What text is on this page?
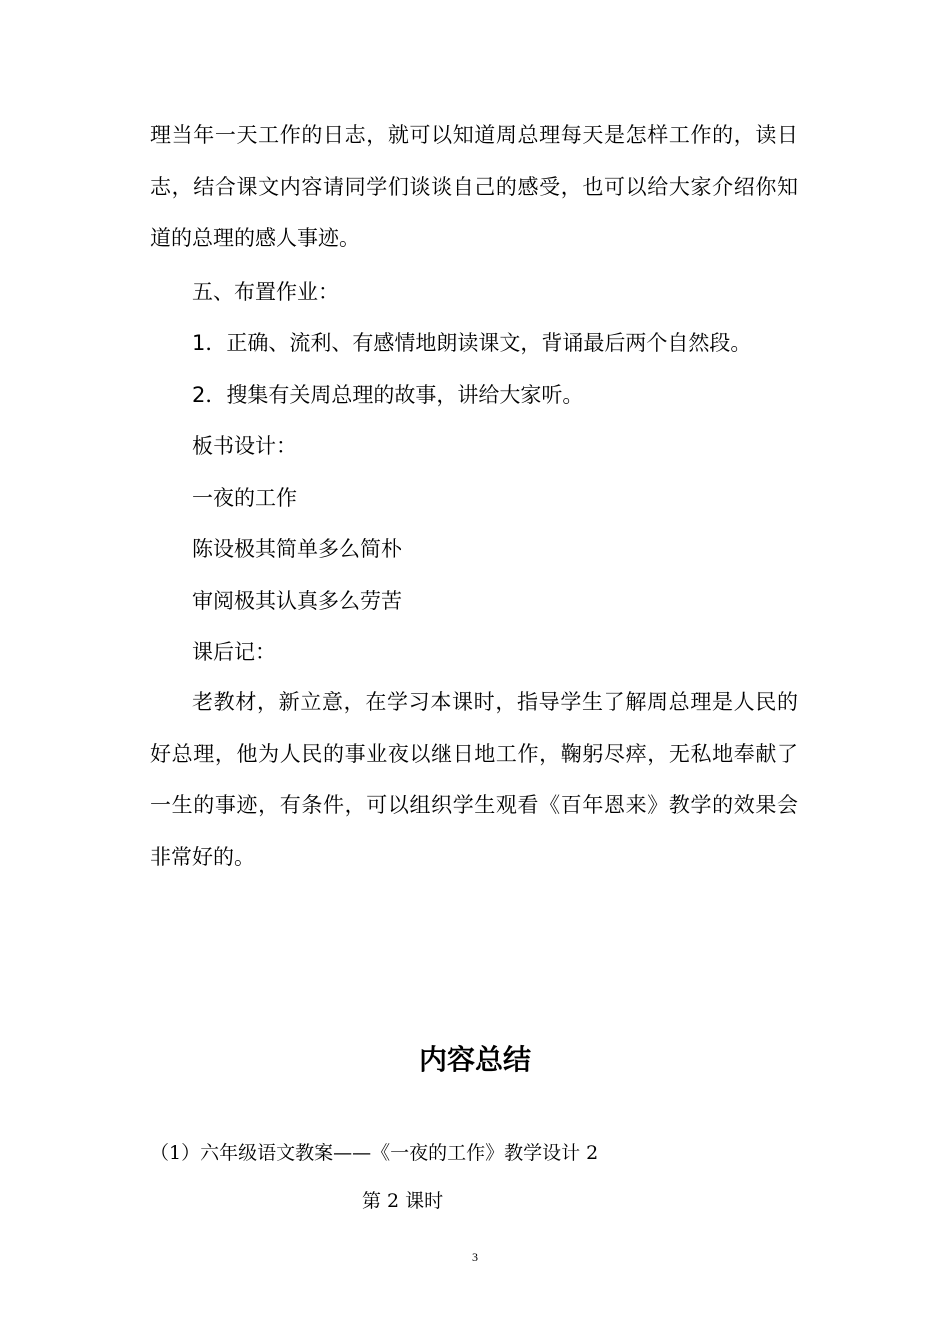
理当年一天工作的日志，就可以知道周总理每天是怎样工作的，读日志，结合课文内容请同学们谈谈自己的感受，也可以给大家介绍你知道的总理的感人事迹。

五、布置作业：

1．正确、流利、有感情地朗读课文，背诵最后两个自然段。

2．搜集有关周总理的故事，讲给大家听。

板书设计：

一夜的工作

陈设极其简单多么简朴

审阅极其认真多么劳苦

课后记：

老教材，新立意，在学习本课时，指导学生了解周总理是人民的好总理，他为人民的事业夜以继日地工作，鞠躬尽瘁，无私地奉献了一生的事迹，有条件，可以组织学生观看《百年恩来》教学的效果会非常好的。

内容总结

（1）六年级语文教案——《一夜的工作》教学设计 2

第 2 课时

3
